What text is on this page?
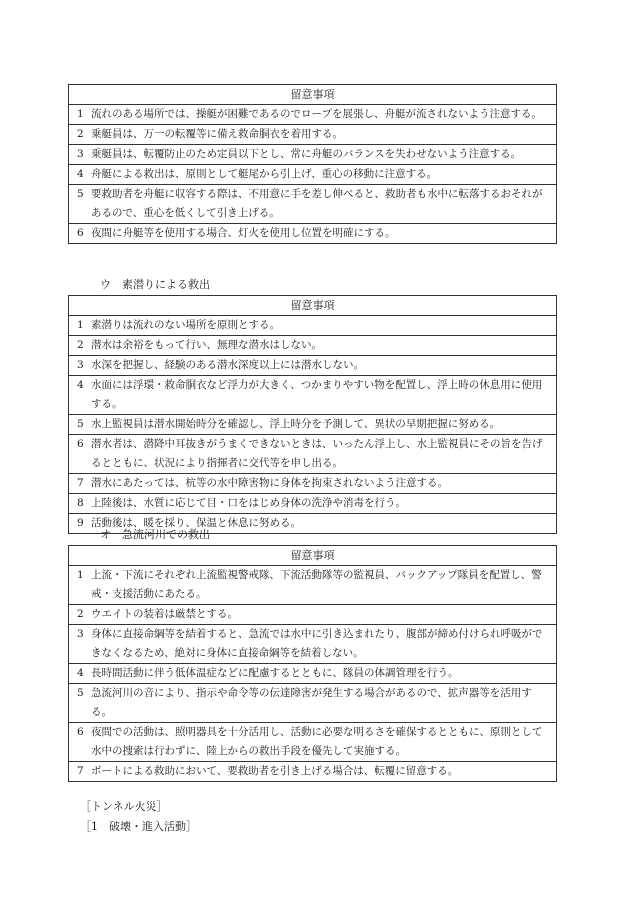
留意事項
1 流れのある場所では、操艇が困難であるのでロープを展張し、舟艇が流されないよう注意する。
2 乗艇員は、万一の転覆等に備え救命胴衣を着用する。
3 乗艇員は、転覆防止のため定員以下とし、常に舟艇のバランスを失わせないよう注意する。
4 舟艇による救出は、原則として艇尾から引上げ、重心の移動に注意する。
5 要救助者を舟艇に収容する際は、不用意に手を差し伸べると、救助者も水中に転落するおそれがあるので、重心を低くして引き上げる。
6 夜間に舟艇等を使用する場合、灯火を使用し位置を明確にする。
ウ　素潜りによる救出
留意事項
1 素潜りは流れのない場所を原則とする。
2 潜水は余裕をもって行い、無理な潜水はしない。
3 水深を把握し、経験のある潜水深度以上には潜水しない。
4 水面には浮環・救命胴衣など浮力が大きく、つかまりやすい物を配置し、浮上時の休息用に使用する。
5 水上監視員は潜水開始時分を確認し、浮上時分を予測して、異状の早期把握に努める。
6 潜水者は、潜降中耳抜きがうまくできないときは、いったん浮上し、水上監視員にその旨を告げるとともに、状況により指揮者に交代等を申し出る。
7 潜水にあたっては、杭等の水中障害物に身体を拘束されないよう注意する。
8 上陸後は、水質に応じて目・口をはじめ身体の洗浄や消毒を行う。
9 活動後は、暖を採り、保温と休息に努める。
オ　急流河川での救出
留意事項
1 上流・下流にそれぞれ上流監視警戒隊、下流活動隊等の監視員、バックアップ隊員を配置し、警戒・支援活動にあたる。
2 ウエイトの装着は厳禁とする。
3 身体に直接命綱等を結着すると、急流では水中に引き込まれたり、腹部が締め付けられ呼吸ができなくなるため、絶対に身体に直接命綱等を結着しない。
4 長時間活動に伴う低体温症などに配慮するとともに、隊員の体調管理を行う。
5 急流河川の音により、指示や命令等の伝達障害が発生する場合があるので、拡声器等を活用する。
6 夜間での活動は、照明器具を十分活用し、活動に必要な明るさを確保するとともに、原則として水中の捜索は行わずに、陸上からの救出手段を優先して実施する。
7 ボートによる救助において、要救助者を引き上げる場合は、転覆に留意する。
［トンネル火災］
［1　破壊・進入活動］
